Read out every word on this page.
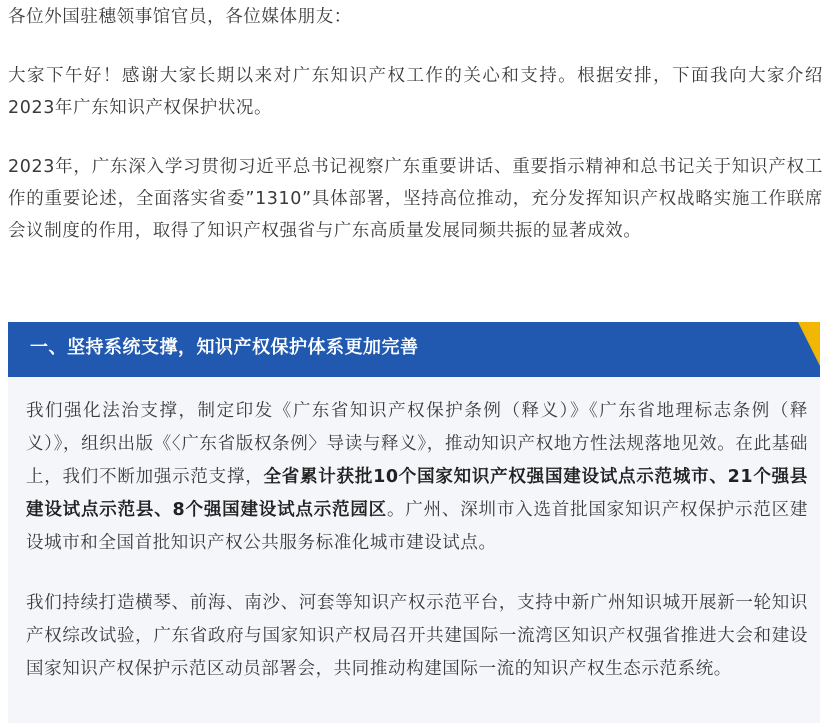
各位外国驻穗领事馆官员，各位媒体朋友：

大家下午好！感谢大家长期以来对广东知识产权工作的关心和支持。根据安排，下面我向大家介绍2023年广东知识产权保护状况。

2023年，广东深入学习贯彻习近平总书记视察广东重要讲话、重要指示精神和总书记关于知识产权工作的重要论述，全面落实省委”1310”具体部署，坚持高位推动，充分发挥知识产权战略实施工作联席会议制度的作用，取得了知识产权强省与广东高质量发展同频共振的显著成效。

一、坚持系统支撑，知识产权保护体系更加完善

我们强化法治支撑，制定印发《广东省知识产权保护条例（释义）》《广东省地理标志条例（释义）》，组织出版《〈广东省版权条例〉导读与释义》，推动知识产权地方性法规落地见效。在此基础上，我们不断加强示范支撑，全省累计获批10个国家知识产权强国建设试点示范城市、21个强县建设试点示范县、8个强国建设试点示范园区。广州、深圳市入选首批国家知识产权保护示范区建设城市和全国首批知识产权公共服务标准化城市建设试点。

我们持续打造横琴、前海、南沙、河套等知识产权示范平台，支持中新广州知识城开展新一轮知识产权综改试验，广东省政府与国家知识产权局召开共建国际一流湾区知识产权强省推进大会和建设国家知识产权保护示范区动员部署会，共同推动构建国际一流的知识产权生态示范系统。
